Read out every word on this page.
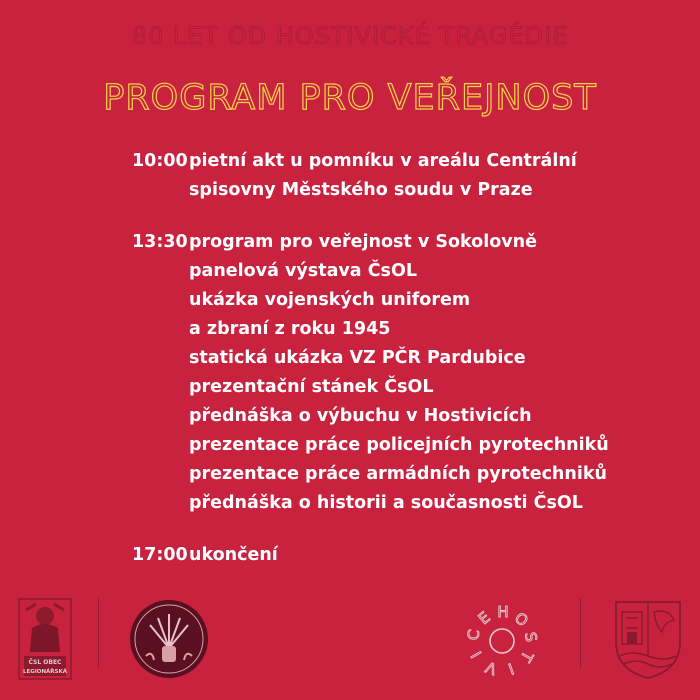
80 LET OD HOSTIVICKÉ TRAGÉDIE
PROGRAM PRO VEŘEJNOST
10:00 pietní akt u pomníku v areálu Centrální
spisovny Městského soudu v Praze
13:30 program pro veřejnost v Sokolovně
panelová výstava ČsOL
ukázka vojenských uniforem
a zbraní z roku 1945
statická ukázka VZ PČR Pardubice
prezentační stánek ČsOL
přednáška o výbuchu v Hostivicích
prezentace práce policejních pyrotechniků
prezentace práce armádních pyrotechniků
přednáška o historii a současnosti ČsOL
17:00 ukončení
ČSL OBEC
LEGIONÁŘSKÁ
H O
S
T
I
V
I
C
E
